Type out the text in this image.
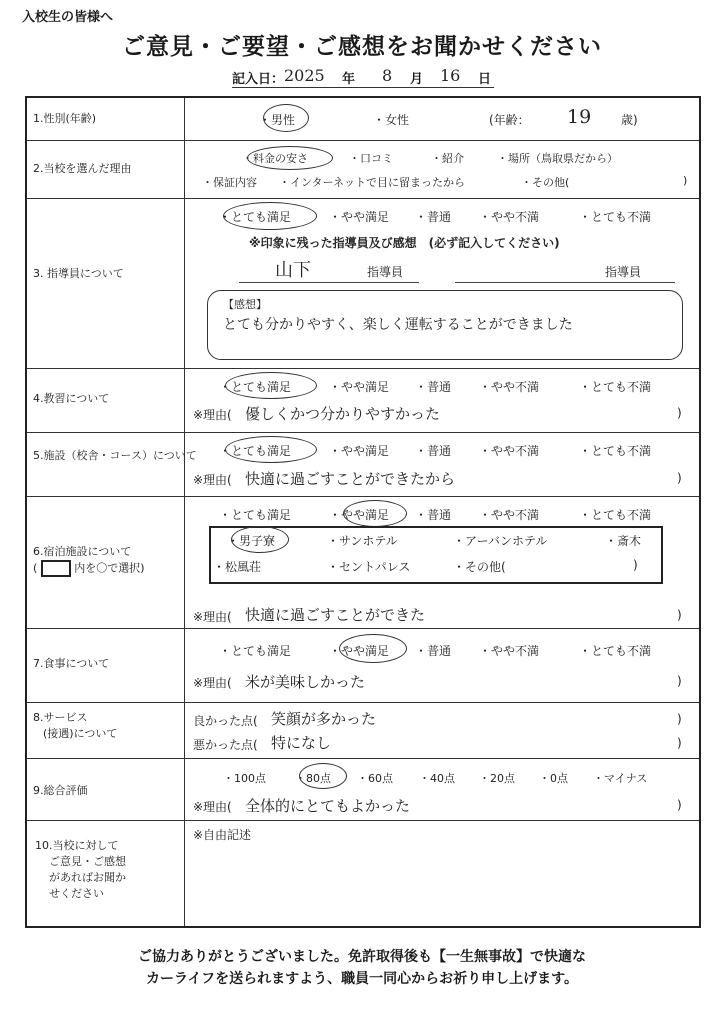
入校生の皆様へ
ご意見・ご要望・ご感想をお聞かせください
記入日： 2025 年 8 月 16 日
1.性別(年齢)	・男性	・女性	(年齢： 19 歳)
2.当校を選んだ理由
・料金の安さ	・口コミ	・紹介	・場所（鳥取県だから）
・保証内容 ・インターネットで目に留まったから	・その他(	)
3. 指導員について
・とても満足	・やや満足 ・普通 ・やや不満	・とても不満
※印象に残った指導員及び感想　(必ず記入してください)
山下	指導員	指導員
【感想】
とても分かりやすく、楽しく運転することができました
4.教習について
・とても満足	・やや満足 ・普通 ・やや不満	・とても不満
※理由( 優しくかつ分かりやすかった	)
5.施設（校舎・コース）について ・とても満足	・やや満足 ・普通 ・やや不満	・とても不満
※理由( 快適に過ごすことができたから	)
6.宿泊施設について
(	内を〇で選択)
・とても満足	・やや満足 ・普通 ・やや不満	・とても不満
・男子寮	・サンホテル	・アーバンホテル	・斎木
・松風荘	・セントパレス	・その他(	)
※理由( 快適に過ごすことができた	)
7.食事について
・とても満足	・やや満足 ・普通 ・やや不満	・とても不満
※理由( 米が美味しかった	)
8.サービス
(接遇)について
良かった点( 笑顔が多かった	)
悪かった点( 特になし	)
9.総合評価
・100点	・80点 ・60点 ・40点 ・20点 ・0点 ・マイナス
※理由( 全体的にとてもよかった	)
10.当校に対して
ご意見・ご感想
があればお聞か
せください
※自由記述
ご協力ありがとうございました。免許取得後も【一生無事故】で快適な
カーライフを送られますよう、職員一同心からお祈り申し上げます。
